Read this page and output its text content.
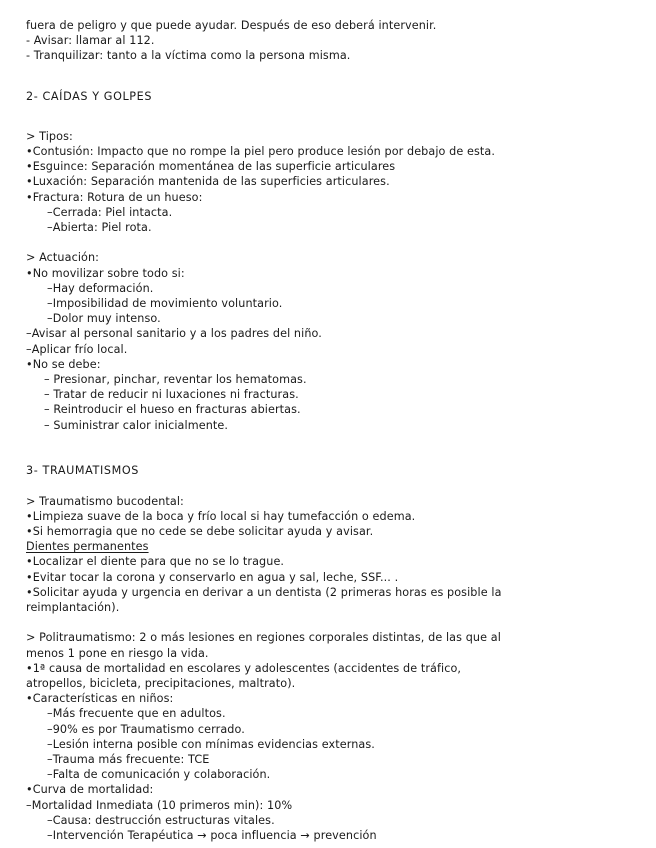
fuera de peligro y que puede ayudar. Después de eso deberá intervenir.
- Avisar: llamar al 112.
- Tranquilizar: tanto a la víctima como la persona misma.
2- CAÍDAS Y GOLPES
> Tipos:
•Contusión: Impacto que no rompe la piel pero produce lesión por debajo de esta.
•Esguince: Separación momentánea de las superficie articulares
•Luxación: Separación mantenida de las superficies articulares.
•Fractura: Rotura de un hueso:
–Cerrada: Piel intacta.
–Abierta: Piel rota.
> Actuación:
•No movilizar sobre todo si:
–Hay deformación.
–Imposibilidad de movimiento voluntario.
–Dolor muy intenso.
–Avisar al personal sanitario y a los padres del niño.
–Aplicar frío local.
•No se debe:
– Presionar, pinchar, reventar los hematomas.
– Tratar de reducir ni luxaciones ni fracturas.
– Reintroducir el hueso en fracturas abiertas.
– Suministrar calor inicialmente.
3- TRAUMATISMOS
> Traumatismo bucodental:
•Limpieza suave de la boca y frío local si hay tumefacción o edema.
•Si hemorragia que no cede se debe solicitar ayuda y avisar.
Dientes permanentes
•Localizar el diente para que no se lo trague.
•Evitar tocar la corona y conservarlo en agua y sal, leche, SSF... .
•Solicitar ayuda y urgencia en derivar a un dentista (2 primeras horas es posible la
reimplantación).
> Politraumatismo: 2 o más lesiones en regiones corporales distintas, de las que al
menos 1 pone en riesgo la vida.
•1ª causa de mortalidad en escolares y adolescentes (accidentes de tráfico,
atropellos, bicicleta, precipitaciones, maltrato).
•Características en niños:
–Más frecuente que en adultos.
–90% es por Traumatismo cerrado.
–Lesión interna posible con mínimas evidencias externas.
–Trauma más frecuente: TCE
–Falta de comunicación y colaboración.
•Curva de mortalidad:
–Mortalidad Inmediata (10 primeros min): 10%
–Causa: destrucción estructuras vitales.
–Intervención Terapéutica → poca influencia → prevención
